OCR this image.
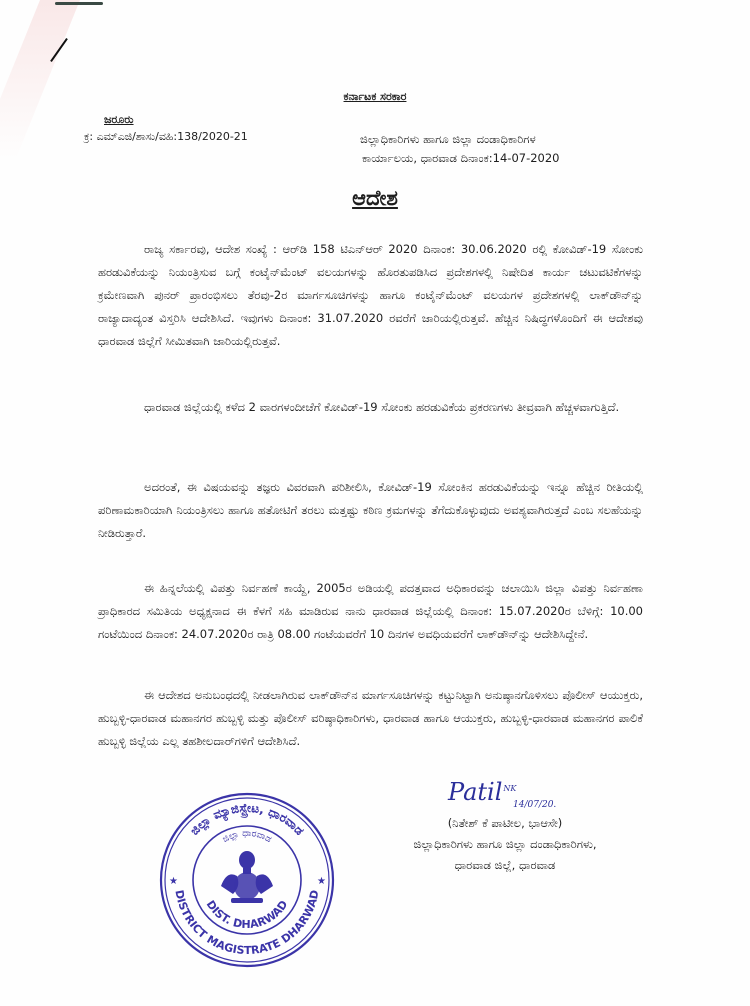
ಕರ್ನಾಟಕ ಸರಕಾರ
ಜರೂರು
ಕ್ರ: ಎಮ್ಎಜಿ/ಶಾಸು/ವಹಿ:138/2020-21	ಜಿಲ್ಲಾಧಿಕಾರಿಗಳು ಹಾಗೂ ಜಿಲ್ಲಾ ದಂಡಾಧಿಕಾರಿಗಳ
ಕಾರ್ಯಾಲಯ, ಧಾರವಾಡ ದಿನಾಂಕ:14-07-2020
ಆದೇಶ

ರಾಜ್ಯ ಸರ್ಕಾರವು, ಆದೇಶ ಸಂಖ್ಯೆ : ಆರ್‌ಡಿ 158 ಟಿಎನ್‌ಆರ್ 2020 ದಿನಾಂಕ: 30.06.2020 ರಲ್ಲಿ ಕೋವಿಡ್-19 ಸೋಂಕು ಹರಡುವಿಕೆಯನ್ನು ನಿಯಂತ್ರಿಸುವ ಬಗ್ಗೆ ಕಂಟೈನ್‌ಮೆಂಟ್ ವಲಯಗಳನ್ನು ಹೊರತುಪಡಿಸಿದ ಪ್ರದೇಶಗಳಲ್ಲಿ ನಿಷೇದಿತ ಕಾರ್ಯ ಚಟುವಟಿಕೆಗಳನ್ನು ಕ್ರಮೇಣವಾಗಿ ಪುನರ್ ಪ್ರಾರಂಭಿಸಲು ತೆರವು-2ರ ಮಾರ್ಗಸೂಚಿಗಳನ್ನು ಹಾಗೂ ಕಂಟೈನ್‌ಮೆಂಟ್ ವಲಯಗಳ ಪ್ರದೇಶಗಳಲ್ಲಿ ಲಾಕ್‌ಡೌನ್‌ನ್ನು ರಾಜ್ಯಾದಾದ್ಯಂತ ವಿಸ್ತರಿಸಿ ಆದೇಶಿಸಿದೆ. ಇವುಗಳು ದಿನಾಂಕ: 31.07.2020 ರವರೆಗೆ ಜಾರಿಯಲ್ಲಿರುತ್ತವೆ. ಹೆಚ್ಚಿನ ನಿಷಿದ್ಧಗಳೊಂದಿಗೆ ಈ ಆದೇಶವು ಧಾರವಾಡ ಜಿಲ್ಲೆಗೆ ಸೀಮಿತವಾಗಿ ಜಾರಿಯಲ್ಲಿರುತ್ತವೆ.

ಧಾರವಾಡ ಜಿಲ್ಲೆಯಲ್ಲಿ ಕಳೆದ 2 ವಾರಗಳಂದೀಚೆಗೆ ಕೋವಿಡ್-19 ಸೋಂಕು ಹರಡುವಿಕೆಯ ಪ್ರಕರಣಗಳು ತೀವ್ರವಾಗಿ ಹೆಚ್ಚಳವಾಗುತ್ತಿದೆ.

ಅದರಂತೆ, ಈ ವಿಷಯವನ್ನು ತಜ್ಞರು ವಿವರವಾಗಿ ಪರಿಶೀಲಿಸಿ, ಕೋವಿಡ್-19 ಸೋಂಕಿನ ಹರಡುವಿಕೆಯನ್ನು ಇನ್ನೂ ಹೆಚ್ಚಿನ ರೀತಿಯಲ್ಲಿ ಪರಿಣಾಮಕಾರಿಯಾಗಿ ನಿಯಂತ್ರಿಸಲು ಹಾಗೂ ಹತೋಟಿಗೆ ತರಲು ಮತ್ತಷ್ಟು ಕಠಿಣ ಕ್ರಮಗಳನ್ನು ತೆಗೆದುಕೊಳ್ಳುವುದು ಅವಶ್ಯವಾಗಿರುತ್ತದೆ ಎಂಬ ಸಲಹೆಯನ್ನು ನೀಡಿರುತ್ತಾರೆ.

ಈ ಹಿನ್ನಲೆಯಲ್ಲಿ ವಿಪತ್ತು ನಿರ್ವಹಣೆ ಕಾಯ್ದೆ, 2005ರ ಅಡಿಯಲ್ಲಿ ಪದತ್ತವಾದ ಅಧಿಕಾರವನ್ನು ಚಲಾಯಿಸಿ ಜಿಲ್ಲಾ ವಿಪತ್ತು ನಿರ್ವಹಣಾ ಪ್ರಾಧಿಕಾರದ ಸಮಿತಿಯ ಅಧ್ಯಕ್ಷನಾದ ಈ ಕೆಳಗೆ ಸಹಿ ಮಾಡಿರುವ ನಾನು ಧಾರವಾಡ ಜಿಲ್ಲೆಯಲ್ಲಿ ದಿನಾಂಕ: 15.07.2020ರ ಬೆಳಿಗ್ಗೆ: 10.00 ಗಂಟೆಯಿಂದ ದಿನಾಂಕ: 24.07.2020ರ ರಾತ್ರಿ 08.00 ಗಂಟೆಯವರೆಗೆ 10 ದಿನಗಳ ಅವಧಿಯವರೆಗೆ ಲಾಕ್‌ಡೌನ್‌ನ್ನು ಆದೇಶಿಸಿದ್ದೇನೆ.

ಈ ಆದೇಶದ ಅನುಬಂಧದಲ್ಲಿ ನೀಡಲಾಗಿರುವ ಲಾಕ್‌ಡೌನ್‌ನ ಮಾರ್ಗಸೂಚಿಗಳನ್ನು ಕಟ್ಟುನಿಟ್ಟಾಗಿ ಅನುಷ್ಠಾನಗೊಳಿಸಲು ಪೊಲೀಸ್ ಆಯುಕ್ತರು, ಹುಬ್ಬಳ್ಳಿ-ಧಾರವಾಡ ಮಹಾನಗರ ಹುಬ್ಬಳ್ಳಿ ಮತ್ತು ಪೊಲೀಸ್ ವರಿಷ್ಠಾಧಿಕಾರಿಗಳು, ಧಾರವಾಡ ಹಾಗೂ ಆಯುಕ್ತರು, ಹುಬ್ಬಳ್ಳಿ-ಧಾರವಾಡ ಮಹಾನಗರ ಪಾಲಿಕೆ ಹುಬ್ಬಳ್ಳಿ ಜಿಲ್ಲೆಯ ಎಲ್ಲ ತಹಶೀಲದಾರ್‌ಗಳಿಗೆ ಆದೇಶಿಸಿದೆ.

Patil$^{NK}$
14/07/20.
(ನಿತೇಶ್ ಕೆ ಪಾಟೀಲ, ಭಾಆಸೇ)
ಜಿಲ್ಲಾಧಿಕಾರಿಗಳು ಹಾಗೂ ಜಿಲ್ಲಾ ದಂಡಾಧಿಕಾರಿಗಳು,
ಧಾರವಾಡ ಜಿಲ್ಲೆ, ಧಾರವಾಡ
ಜಿಲ್ಲಾ ಮ್ಯಾಜಿಸ್ಟ್ರೇಟ, ಧಾರವಾಡ
DISTRICT MAGISTRATE DHARWAD
ಜಿಲ್ಲಾ ಧಾರವಾಡ
DIST. DHARWAD
★	★
